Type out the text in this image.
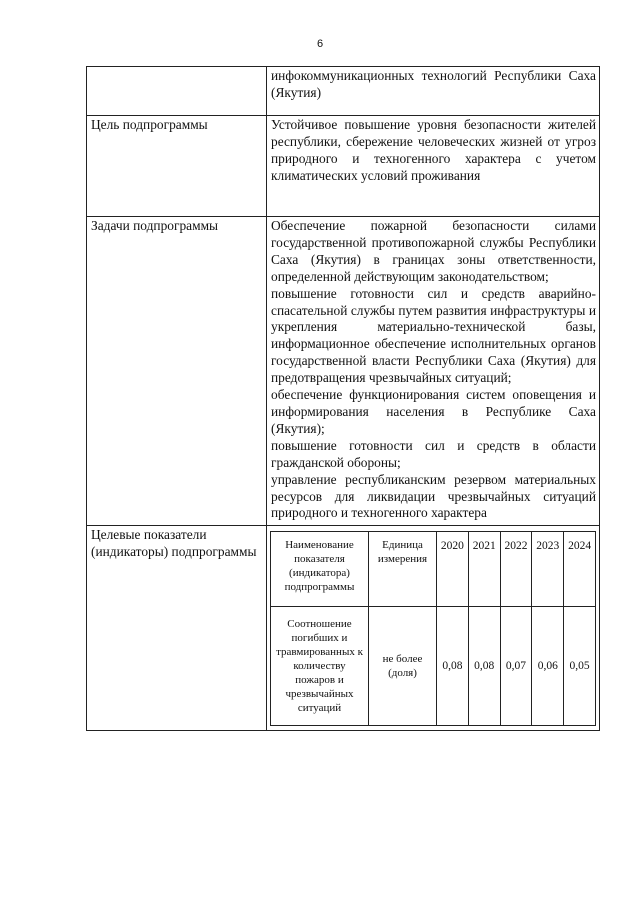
6

инфокоммуникационных технологий Республики Саха (Якутия)

Цель подпрограммы	Устойчивое повышение уровня безопасности жителей республики, сбережение человеческих жизней от угроз природного и техногенного характера с учетом климатических условий проживания

Задачи подпрограммы	Обеспечение пожарной безопасности силами государственной противопожарной службы Республики Саха (Якутия) в границах зоны ответственности, определенной действующим законодательством;
повышение готовности сил и средств аварийно-спасательной службы путем развития инфраструктуры и укрепления материально-технической базы, информационное обеспечение исполнительных органов государственной власти Республики Саха (Якутия) для предотвращения чрезвычайных ситуаций;
обеспечение функционирования систем оповещения и информирования населения в Республике Саха (Якутия);
повышение готовности сил и средств в области гражданской обороны;
управление республиканским резервом материальных ресурсов для ликвидации чрезвычайных ситуаций природного и техногенного характера

Целевые показатели (индикаторы) подпрограммы		Наименование показателя (индикатора) подпрограммы	Единица измерения	2020	2021	2022	2023	2024
Соотношение погибших и травмированных к количеству пожаров и чрезвычайных ситуаций	не более (доля)	0,08	0,08	0,07	0,06	0,05
